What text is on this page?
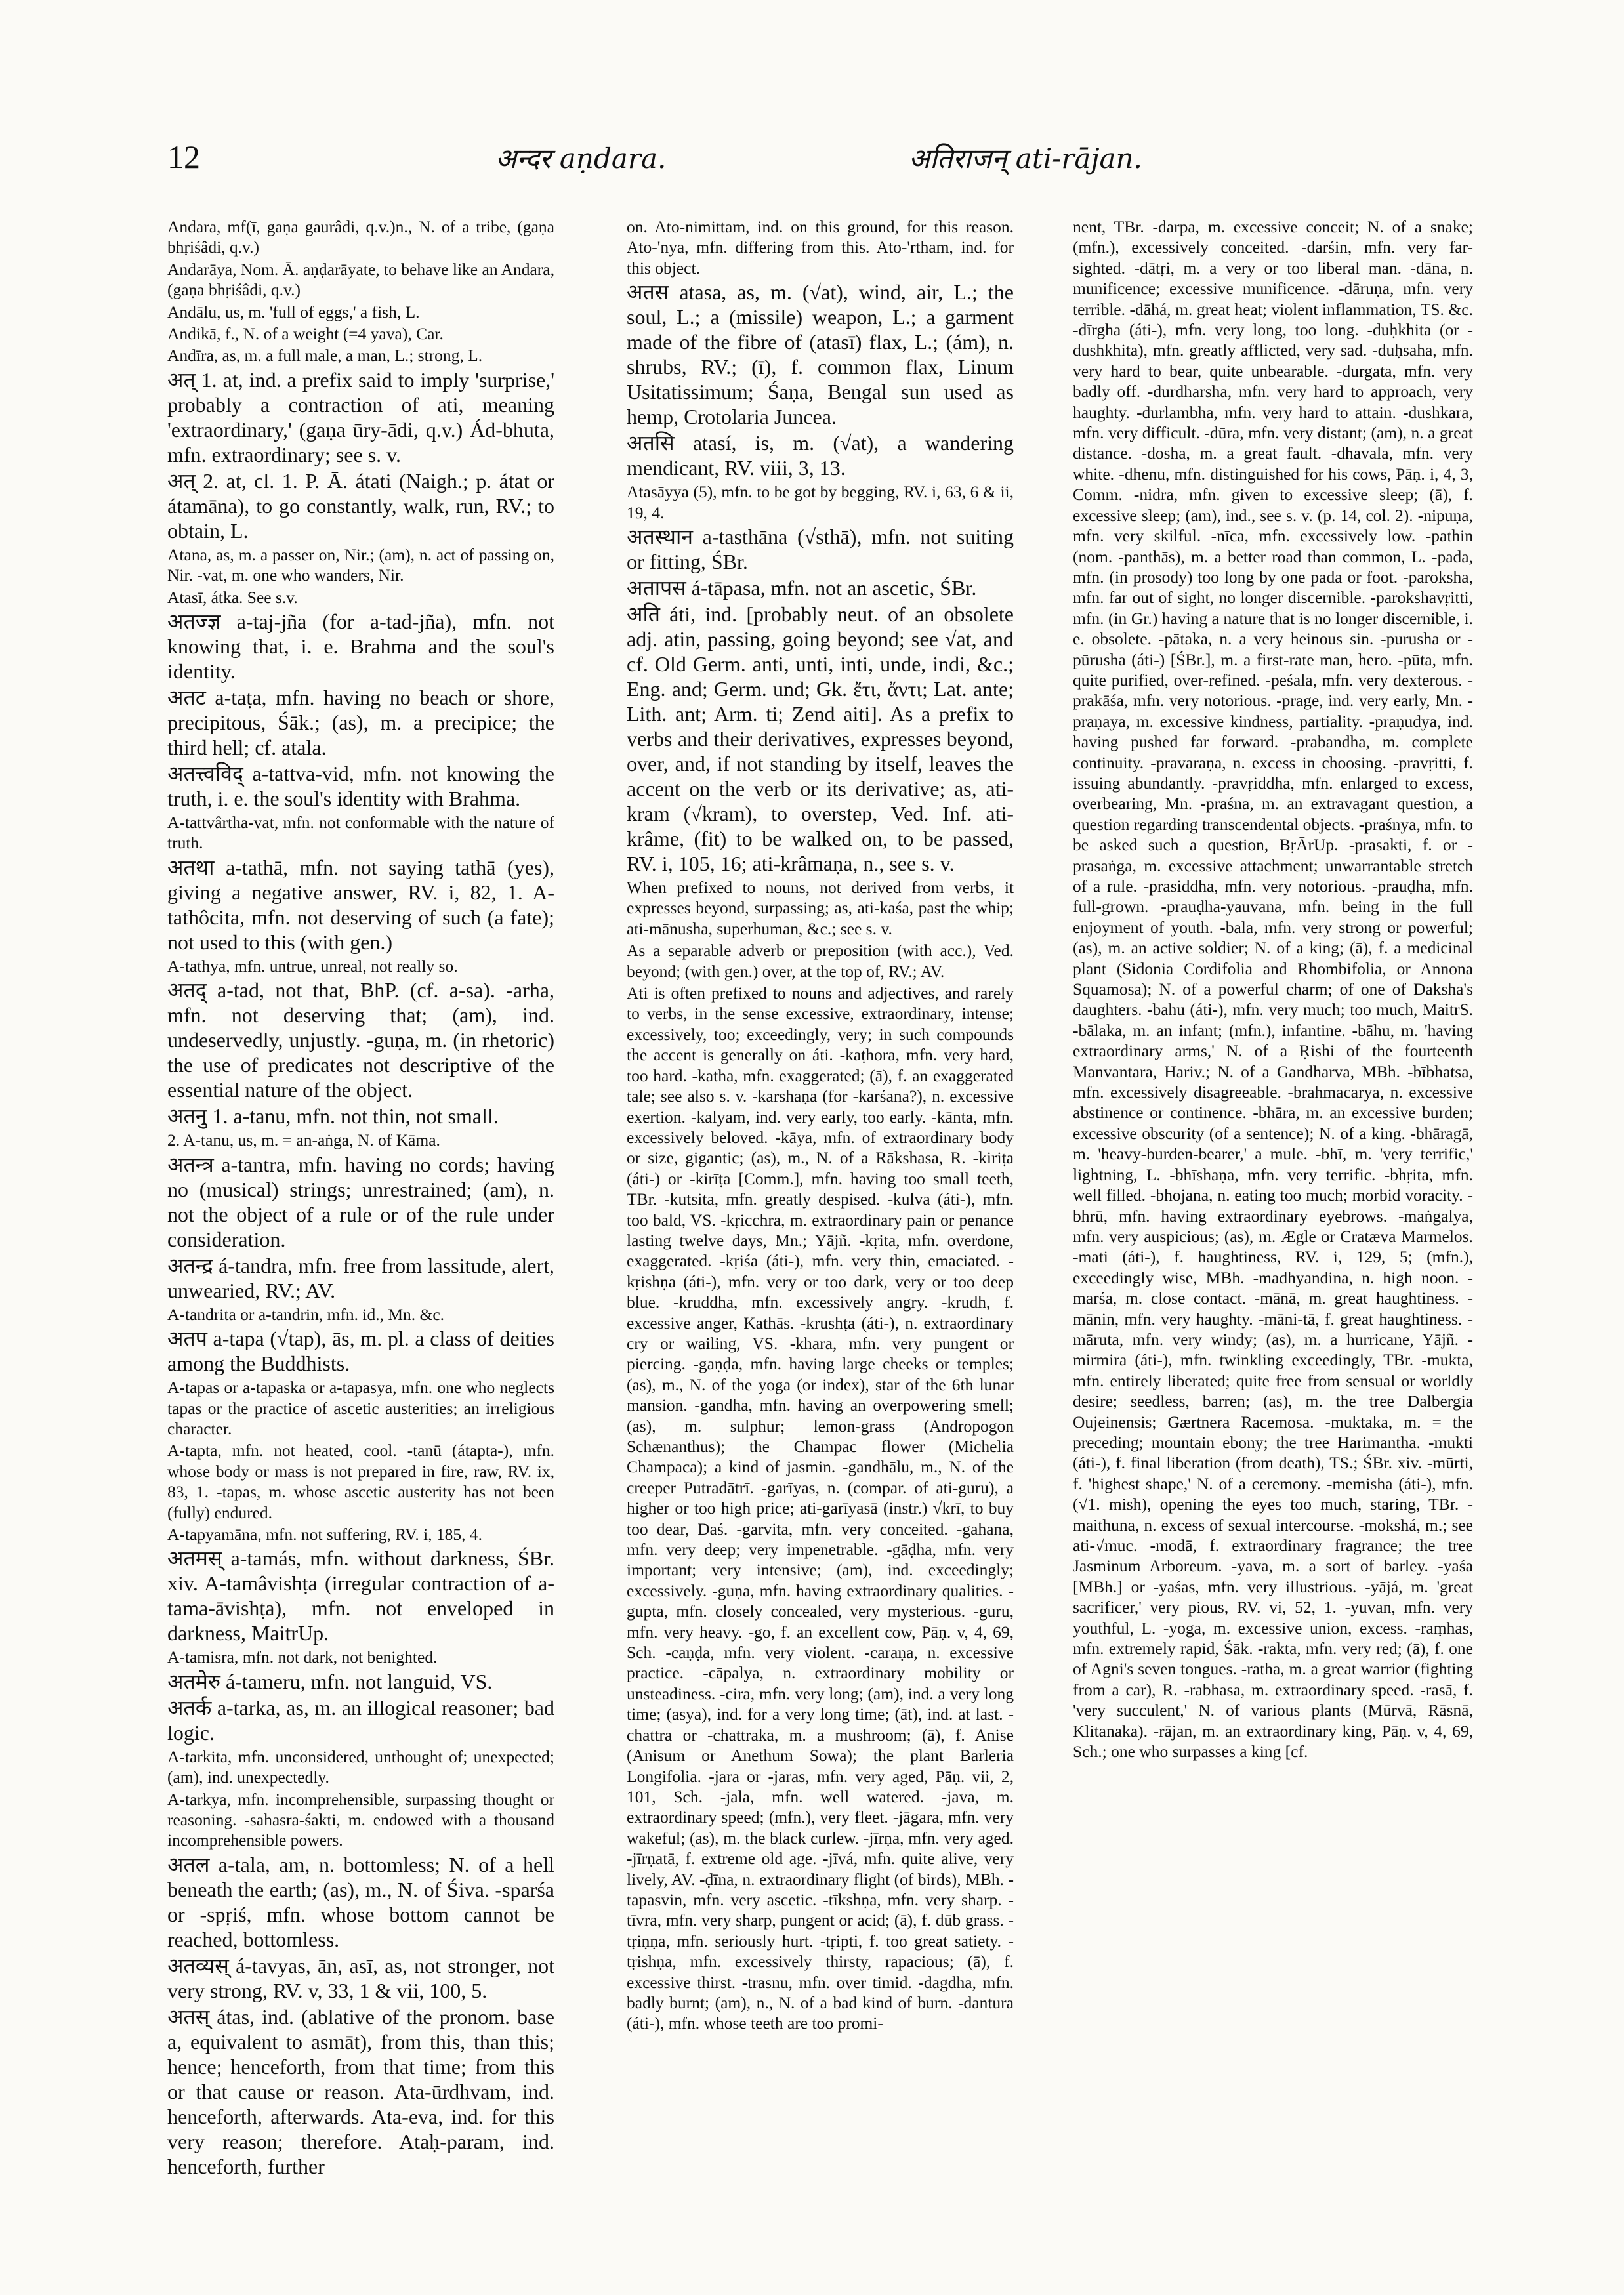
12	अन्दर aṇdara.	अतिराजन् ati-rājan.

Andara, mf(ī, gaṇa gaurâdi, q.v.)n., N. of a tribe, (gaṇa bhṛiśâdi, q.v.)

Andarāya, Nom. Ā. aṇḍarāyate, to behave like an Andara, (gaṇa bhṛiśâdi, q.v.)

Andālu, us, m. 'full of eggs,' a fish, L.

Andikā, f., N. of a weight (=4 yava), Car.

Andīra, as, m. a full male, a man, L.; strong, L.

अत् 1. at, ind. a prefix said to imply 'surprise,' probably a contraction of ati, meaning 'extraordinary,' (gaṇa ūry-ādi, q.v.) Ád-bhuta, mfn. extraordinary; see s. v.

अत् 2. at, cl. 1. P. Ā. átati (Naigh.; p. átat or átamāna), to go constantly, walk, run, RV.; to obtain, L.

Atana, as, m. a passer on, Nir.; (am), n. act of passing on, Nir. -vat, m. one who wanders, Nir.

Atasī, átka. See s.v.

अतज्ज्ञ a-taj-jña (for a-tad-jña), mfn. not knowing that, i. e. Brahma and the soul's identity.

अतट a-taṭa, mfn. having no beach or shore, precipitous, Śāk.; (as), m. a precipice; the third hell; cf. atala.

अतत्त्वविद् a-tattva-vid, mfn. not knowing the truth, i. e. the soul's identity with Brahma.

A-tattvârtha-vat, mfn. not conformable with the nature of truth.

अतथा a-tathā, mfn. not saying tathā (yes), giving a negative answer, RV. i, 82, 1. A-tathôcita, mfn. not deserving of such (a fate); not used to this (with gen.)

A-tathya, mfn. untrue, unreal, not really so.

अतद् a-tad, not that, BhP. (cf. a-sa). -arha, mfn. not deserving that; (am), ind. undeservedly, unjustly. -guṇa, m. (in rhetoric) the use of predicates not descriptive of the essential nature of the object.

अतनु 1. a-tanu, mfn. not thin, not small.

2. A-tanu, us, m. = an-aṅga, N. of Kāma.

अतन्त्र a-tantra, mfn. having no cords; having no (musical) strings; unrestrained; (am), n. not the object of a rule or of the rule under consideration.

अतन्द्र á-tandra, mfn. free from lassitude, alert, unwearied, RV.; AV.

A-tandrita or a-tandrin, mfn. id., Mn. &c.

अतप a-tapa (√tap), ās, m. pl. a class of deities among the Buddhists.

A-tapas or a-tapaska or a-tapasya, mfn. one who neglects tapas or the practice of ascetic austerities; an irreligious character.

A-tapta, mfn. not heated, cool. -tanū (átapta-), mfn. whose body or mass is not prepared in fire, raw, RV. ix, 83, 1. -tapas, m. whose ascetic austerity has not been (fully) endured.

A-tapyamāna, mfn. not suffering, RV. i, 185, 4.

अतमस् a-tamás, mfn. without darkness, ŚBr. xiv. A-tamâvishṭa (irregular contraction of a-tama-āvishṭa), mfn. not enveloped in darkness, MaitrUp.

A-tamisra, mfn. not dark, not benighted.

अतमेरु á-tameru, mfn. not languid, VS.

अतर्क a-tarka, as, m. an illogical reasoner; bad logic.

A-tarkita, mfn. unconsidered, unthought of; unexpected; (am), ind. unexpectedly.

A-tarkya, mfn. incomprehensible, surpassing thought or reasoning. -sahasra-śakti, m. endowed with a thousand incomprehensible powers.

अतल a-tala, am, n. bottomless; N. of a hell beneath the earth; (as), m., N. of Śiva. -sparśa or -spṛiś, mfn. whose bottom cannot be reached, bottomless.

अतव्यस् á-tavyas, ān, asī, as, not stronger, not very strong, RV. v, 33, 1 & vii, 100, 5.

अतस् átas, ind. (ablative of the pronom. base a, equivalent to asmāt), from this, than this; hence; henceforth, from that time; from this or that cause or reason. Ata-ūrdhvam, ind. henceforth, afterwards. Ata-eva, ind. for this very reason; therefore. Ataḥ-param, ind. henceforth, further

on. Ato-nimittam, ind. on this ground, for this reason. Ato-'nya, mfn. differing from this. Ato-'rtham, ind. for this object.

अतस atasa, as, m. (√at), wind, air, L.; the soul, L.; a (missile) weapon, L.; a garment made of the fibre of (atasī) flax, L.; (ám), n. shrubs, RV.; (ī), f. common flax, Linum Usitatissimum; Śaṇa, Bengal sun used as hemp, Crotolaria Juncea.

अतसि atasí, is, m. (√at), a wandering mendicant, RV. viii, 3, 13.

Atasāyya (5), mfn. to be got by begging, RV. i, 63, 6 & ii, 19, 4.

अतस्थान a-tasthāna (√sthā), mfn. not suiting or fitting, ŚBr.

अतापस á-tāpasa, mfn. not an ascetic, ŚBr.

अति áti, ind. [probably neut. of an obsolete adj. atin, passing, going beyond; see √at, and cf. Old Germ. anti, unti, inti, unde, indi, &c.; Eng. and; Germ. und; Gk. ἔτι, ἄντι; Lat. ante; Lith. ant; Arm. ti; Zend aiti]. As a prefix to verbs and their derivatives, expresses beyond, over, and, if not standing by itself, leaves the accent on the verb or its derivative; as, ati-kram (√kram), to overstep, Ved. Inf. ati-krâme, (fit) to be walked on, to be passed, RV. i, 105, 16; ati-krâmaṇa, n., see s. v.

When prefixed to nouns, not derived from verbs, it expresses beyond, surpassing; as, ati-kaśa, past the whip; ati-mānusha, superhuman, &c.; see s. v.

As a separable adverb or preposition (with acc.), Ved. beyond; (with gen.) over, at the top of, RV.; AV.

Ati is often prefixed to nouns and adjectives, and rarely to verbs, in the sense excessive, extraordinary, intense; excessively, too; exceedingly, very; in such compounds the accent is generally on áti. -kaṭhora, mfn. very hard, too hard. -katha, mfn. exaggerated; (ā), f. an exaggerated tale; see also s. v. -karshaṇa (for -karśana?), n. excessive exertion. -kalyam, ind. very early, too early. -kānta, mfn. excessively beloved. -kāya, mfn. of extraordinary body or size, gigantic; (as), m., N. of a Rākshasa, R. -kiriṭa (áti-) or -kirīṭa [Comm.], mfn. having too small teeth, TBr. -kutsita, mfn. greatly despised. -kulva (áti-), mfn. too bald, VS. -kṛicchra, m. extraordinary pain or penance lasting twelve days, Mn.; Yājñ. -kṛita, mfn. overdone, exaggerated. -kṛiśa (áti-), mfn. very thin, emaciated. -kṛishṇa (áti-), mfn. very or too dark, very or too deep blue. -kruddha, mfn. excessively angry. -krudh, f. excessive anger, Kathās. -krushṭa (áti-), n. extraordinary cry or wailing, VS. -khara, mfn. very pungent or piercing. -gaṇḍa, mfn. having large cheeks or temples; (as), m., N. of the yoga (or index), star of the 6th lunar mansion. -gandha, mfn. having an overpowering smell; (as), m. sulphur; lemon-grass (Andropogon Schænanthus); the Champac flower (Michelia Champaca); a kind of jasmin. -gandhālu, m., N. of the creeper Putradātrī. -garīyas, n. (compar. of ati-guru), a higher or too high price; ati-garīyasā (instr.) √krī, to buy too dear, Daś. -garvita, mfn. very conceited. -gahana, mfn. very deep; very impenetrable. -gāḍha, mfn. very important; very intensive; (am), ind. exceedingly; excessively. -guṇa, mfn. having extraordinary qualities. -gupta, mfn. closely concealed, very mysterious. -guru, mfn. very heavy. -go, f. an excellent cow, Pāṇ. v, 4, 69, Sch. -caṇḍa, mfn. very violent. -caraṇa, n. excessive practice. -cāpalya, n. extraordinary mobility or unsteadiness. -cira, mfn. very long; (am), ind. a very long time; (asya), ind. for a very long time; (āt), ind. at last. -chattra or -chattraka, m. a mushroom; (ā), f. Anise (Anisum or Anethum Sowa); the plant Barleria Longifolia. -jara or -jaras, mfn. very aged, Pāṇ. vii, 2, 101, Sch. -jala, mfn. well watered. -java, m. extraordinary speed; (mfn.), very fleet. -jāgara, mfn. very wakeful; (as), m. the black curlew. -jīrṇa, mfn. very aged. -jīrṇatā, f. extreme old age. -jīvá, mfn. quite alive, very lively, AV. -ḍīna, n. extraordinary flight (of birds), MBh. -tapasvin, mfn. very ascetic. -tīkshṇa, mfn. very sharp. -tīvra, mfn. very sharp, pungent or acid; (ā), f. dūb grass. -tṛiṇṇa, mfn. seriously hurt. -tṛipti, f. too great satiety. -tṛishṇa, mfn. excessively thirsty, rapacious; (ā), f. excessive thirst. -trasnu, mfn. over timid. -dagdha, mfn. badly burnt; (am), n., N. of a bad kind of burn. -dantura (áti-), mfn. whose teeth are too promi-

nent, TBr. -darpa, m. excessive conceit; N. of a snake; (mfn.), excessively conceited. -darśin, mfn. very far-sighted. -dātṛi, m. a very or too liberal man. -dāna, n. munificence; excessive munificence. -dāruṇa, mfn. very terrible. -dāhá, m. great heat; violent inflammation, TS. &c. -dīrgha (áti-), mfn. very long, too long. -duḥkhita (or -dushkhita), mfn. greatly afflicted, very sad. -duḥsaha, mfn. very hard to bear, quite unbearable. -durgata, mfn. very badly off. -durdharsha, mfn. very hard to approach, very haughty. -durlambha, mfn. very hard to attain. -dushkara, mfn. very difficult. -dūra, mfn. very distant; (am), n. a great distance. -dosha, m. a great fault. -dhavala, mfn. very white. -dhenu, mfn. distinguished for his cows, Pāṇ. i, 4, 3, Comm. -nidra, mfn. given to excessive sleep; (ā), f. excessive sleep; (am), ind., see s. v. (p. 14, col. 2). -nipuṇa, mfn. very skilful. -nīca, mfn. excessively low. -pathin (nom. -panthās), m. a better road than common, L. -pada, mfn. (in prosody) too long by one pada or foot. -paroksha, mfn. far out of sight, no longer discernible. -parokshavṛitti, mfn. (in Gr.) having a nature that is no longer discernible, i. e. obsolete. -pātaka, n. a very heinous sin. -purusha or -pūrusha (áti-) [ŚBr.], m. a first-rate man, hero. -pūta, mfn. quite purified, over-refined. -peśala, mfn. very dexterous. -prakāśa, mfn. very notorious. -prage, ind. very early, Mn. -praṇaya, m. excessive kindness, partiality. -praṇudya, ind. having pushed far forward. -prabandha, m. complete continuity. -pravaraṇa, n. excess in choosing. -pravṛitti, f. issuing abundantly. -pravṛiddha, mfn. enlarged to excess, overbearing, Mn. -praśna, m. an extravagant question, a question regarding transcendental objects. -praśnya, mfn. to be asked such a question, BṛĀrUp. -prasakti, f. or -prasaṅga, m. excessive attachment; unwarrantable stretch of a rule. -prasiddha, mfn. very notorious. -prauḍha, mfn. full-grown. -prauḍha-yauvana, mfn. being in the full enjoyment of youth. -bala, mfn. very strong or powerful; (as), m. an active soldier; N. of a king; (ā), f. a medicinal plant (Sidonia Cordifolia and Rhombifolia, or Annona Squamosa); N. of a powerful charm; of one of Daksha's daughters. -bahu (áti-), mfn. very much; too much, MaitrS. -bālaka, m. an infant; (mfn.), infantine. -bāhu, m. 'having extraordinary arms,' N. of a Ṛishi of the fourteenth Manvantara, Hariv.; N. of a Gandharva, MBh. -bībhatsa, mfn. excessively disagreeable. -brahmacarya, n. excessive abstinence or continence. -bhāra, m. an excessive burden; excessive obscurity (of a sentence); N. of a king. -bhāragā, m. 'heavy-burden-bearer,' a mule. -bhī, m. 'very terrific,' lightning, L. -bhīshaṇa, mfn. very terrific. -bhṛita, mfn. well filled. -bhojana, n. eating too much; morbid voracity. -bhrū, mfn. having extraordinary eyebrows. -maṅgalya, mfn. very auspicious; (as), m. Ægle or Cratæva Marmelos. -mati (áti-), f. haughtiness, RV. i, 129, 5; (mfn.), exceedingly wise, MBh. -madhyandina, n. high noon. -marśa, m. close contact. -mānā, m. great haughtiness. -mānin, mfn. very haughty. -māni-tā, f. great haughtiness. -māruta, mfn. very windy; (as), m. a hurricane, Yājñ. -mirmira (áti-), mfn. twinkling exceedingly, TBr. -mukta, mfn. entirely liberated; quite free from sensual or worldly desire; seedless, barren; (as), m. the tree Dalbergia Oujeinensis; Gærtnera Racemosa. -muktaka, m. = the preceding; mountain ebony; the tree Harimantha. -mukti (áti-), f. final liberation (from death), TS.; ŚBr. xiv. -mūrti, f. 'highest shape,' N. of a ceremony. -memisha (áti-), mfn. (√1. mish), opening the eyes too much, staring, TBr. -maithuna, n. excess of sexual intercourse. -mokshá, m.; see ati-√muc. -modā, f. extraordinary fragrance; the tree Jasminum Arboreum. -yava, m. a sort of barley. -yaśa [MBh.] or -yaśas, mfn. very illustrious. -yājá, m. 'great sacrificer,' very pious, RV. vi, 52, 1. -yuvan, mfn. very youthful, L. -yoga, m. excessive union, excess. -raṃhas, mfn. extremely rapid, Śāk. -rakta, mfn. very red; (ā), f. one of Agni's seven tongues. -ratha, m. a great warrior (fighting from a car), R. -rabhasa, m. extraordinary speed. -rasā, f. 'very succulent,' N. of various plants (Mūrvā, Rāsnā, Klitanaka). -rājan, m. an extraordinary king, Pāṇ. v, 4, 69, Sch.; one who surpasses a king [cf.
